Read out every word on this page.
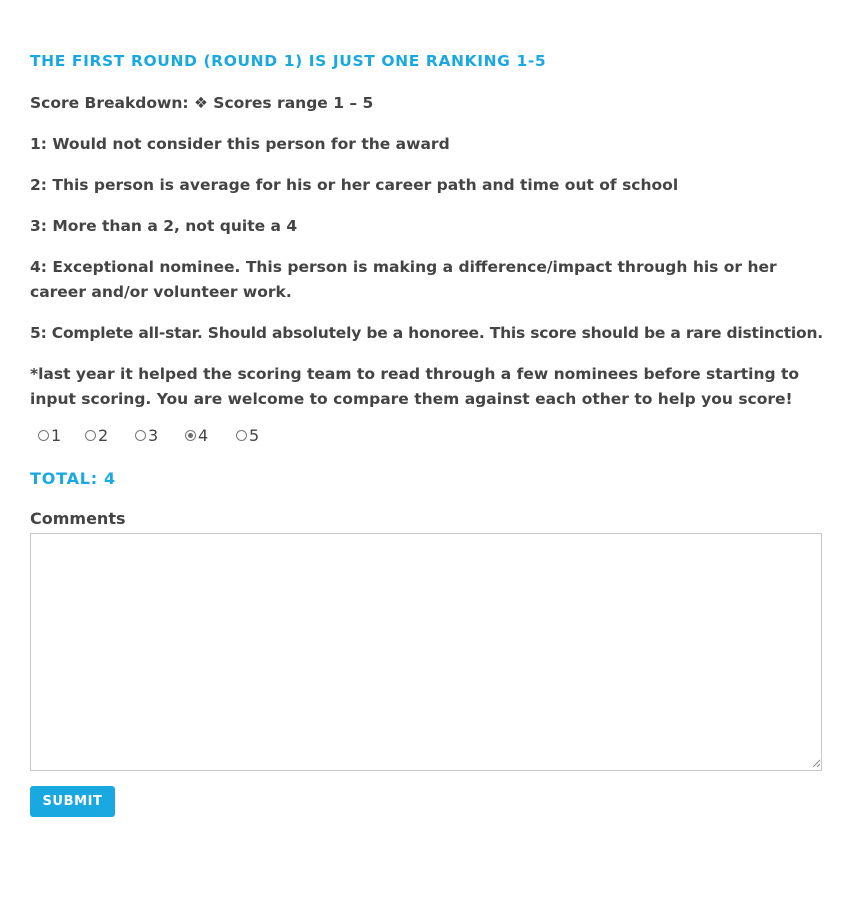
THE FIRST ROUND (ROUND 1) IS JUST ONE RANKING 1-5

Score Breakdown: ❖ Scores range 1 – 5

1: Would not consider this person for the award

2: This person is average for his or her career path and time out of school

3: More than a 2, not quite a 4

4: Exceptional nominee. This person is making a difference/impact through his or her career and/or volunteer work.

5: Complete all-star. Should absolutely be a honoree. This score should be a rare distinction.

*last year it helped the scoring team to read through a few nominees before starting to input scoring. You are welcome to compare them against each other to help you score!

1 2 3 4	5
TOTAL: 4
Comments
SUBMIT
